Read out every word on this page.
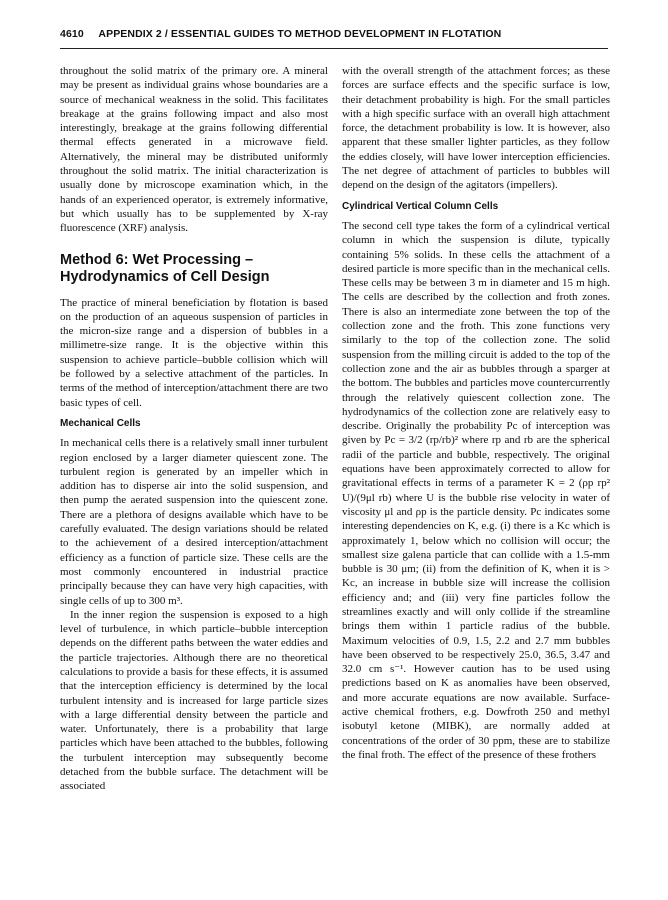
4610 APPENDIX 2 / ESSENTIAL GUIDES TO METHOD DEVELOPMENT IN FLOTATION

throughout the solid matrix of the primary ore. A mineral may be present as individual grains whose boundaries are a source of mechanical weakness in the solid. This facilitates breakage at the grains following impact and also most interestingly, breakage at the grains following differential thermal effects generated in a microwave field. Alternatively, the mineral may be distributed uniformly throughout the solid matrix. The initial characterization is usually done by microscope examination which, in the hands of an experienced operator, is extremely informative, but which usually has to be supplemented by X-ray fluorescence (XRF) analysis.

Method 6: Wet Processing – Hydrodynamics of Cell Design

The practice of mineral beneficiation by flotation is based on the production of an aqueous suspension of particles in the micron-size range and a dispersion of bubbles in a millimetre-size range. It is the objective within this suspension to achieve particle–bubble collision which will be followed by a selective attachment of the particles. In terms of the method of interception/attachment there are two basic types of cell.

Mechanical Cells

In mechanical cells there is a relatively small inner turbulent region enclosed by a larger diameter quiescent zone. The turbulent region is generated by an impeller which in addition has to disperse air into the solid suspension, and then pump the aerated suspension into the quiescent zone. There are a plethora of designs available which have to be carefully evaluated. The design variations should be related to the achievement of a desired interception/attachment efficiency as a function of particle size. These cells are the most commonly encountered in industrial practice principally because they can have very high capacities, with single cells of up to 300 m³.

In the inner region the suspension is exposed to a high level of turbulence, in which particle–bubble interception depends on the different paths between the water eddies and the particle trajectories. Although there are no theoretical calculations to provide a basis for these effects, it is assumed that the interception efficiency is determined by the local turbulent intensity and is increased for large particle sizes with a large differential density between the particle and water. Unfortunately, there is a probability that large particles which have been attached to the bubbles, following the turbulent interception may subsequently become detached from the bubble surface. The detachment will be associated

with the overall strength of the attachment forces; as these forces are surface effects and the specific surface is low, their detachment probability is high. For the small particles with a high specific surface with an overall high attachment force, the detachment probability is low. It is however, also apparent that these smaller lighter particles, as they follow the eddies closely, will have lower interception efficiencies. The net degree of attachment of particles to bubbles will depend on the design of the agitators (impellers).

Cylindrical Vertical Column Cells

The second cell type takes the form of a cylindrical vertical column in which the suspension is dilute, typically containing 5% solids. In these cells the attachment of a desired particle is more specific than in the mechanical cells. These cells may be between 3 m in diameter and 15 m high. The cells are described by the collection and froth zones. There is also an intermediate zone between the top of the collection zone and the froth. This zone functions very similarly to the top of the collection zone. The solid suspension from the milling circuit is added to the top of the collection zone and the air as bubbles through a sparger at the bottom. The bubbles and particles move countercurrently through the relatively quiescent collection zone. The hydrodynamics of the collection zone are relatively easy to describe. Originally the probability Pc of interception was given by Pc = 3/2 (rp/rb)² where rp and rb are the spherical radii of the particle and bubble, respectively. The original equations have been approximately corrected to allow for gravitational effects in terms of a parameter K = 2 (ρp rp² U)/(9μl rb) where U is the bubble rise velocity in water of viscosity μl and ρp is the particle density. Pc indicates some interesting dependencies on K, e.g. (i) there is a Kc which is approximately 1, below which no collision will occur; the smallest size galena particle that can collide with a 1.5-mm bubble is 30 μm; (ii) from the definition of K, when it is > Kc, an increase in bubble size will increase the collision efficiency and; and (iii) very fine particles follow the streamlines exactly and will only collide if the streamline brings them within 1 particle radius of the bubble. Maximum velocities of 0.9, 1.5, 2.2 and 2.7 mm bubbles have been observed to be respectively 25.0, 36.5, 3.47 and 32.0 cm s⁻¹. However caution has to be used using predictions based on K as anomalies have been observed, and more accurate equations are now available. Surface-active chemical frothers, e.g. Dowfroth 250 and methyl isobutyl ketone (MIBK), are normally added at concentrations of the order of 30 ppm, these are to stabilize the final froth. The effect of the presence of these frothers
